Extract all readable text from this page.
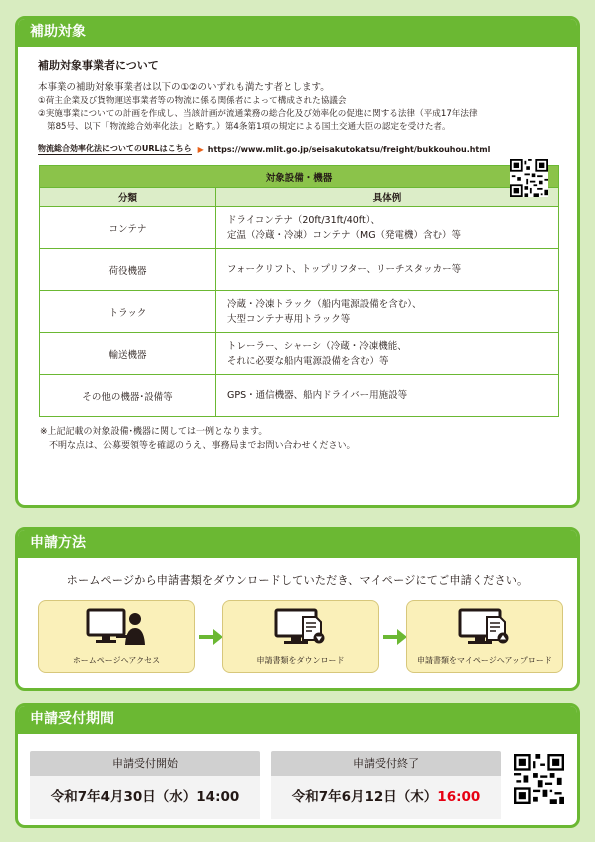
補助対象
補助対象事業者について
本事業の補助対象事業者は以下の①②のいずれも満たす者とします。
①荷主企業及び貨物運送事業者等の物流に係る関係者によって構成された協議会
②実施事業についての計画を作成し、当該計画が流通業務の総合化及び効率化の促進に関する法律（平成17年法律
第85号、以下「物流総合効率化法」と略す。）第4条第1項の規定による国土交通大臣の認定を受けた者。
物流総合効率化法についてのURLはこちら ▶ https://www.mlit.go.jp/seisakutokatsu/freight/bukkouhou.html
対象設備・機器	
分類	具体例
コンテナ	ドライコンテナ（20ft/31ft/40ft）、
定温（冷蔵・冷凍）コンテナ（MG（発電機）含む）等

荷役機器	フォークリフト、トップリフター、リーチスタッカー等

トラック	冷蔵・冷凍トラック（船内電源設備を含む）、
大型コンテナ専用トラック等

輸送機器	トレーラー、シャーシ（冷蔵・冷凍機能、
それに必要な船内電源設備を含む）等

その他の機器･設備等	GPS・通信機器、船内ドライバー用施設等
※上記記載の対象設備･機器に関しては一例となります。
不明な点は、公募要領等を確認のうえ、事務局までお問い合わせください。
申請方法
ホームページから申請書類をダウンロードしていただき、マイページにてご申請ください。
ホームページへアクセス	申請書類をダウンロード	申請書類をマイページへアップロード
申請受付期間
申請受付開始
令和7年4月30日（水）14:00
申請受付終了
令和7年6月12日（木）16:00
